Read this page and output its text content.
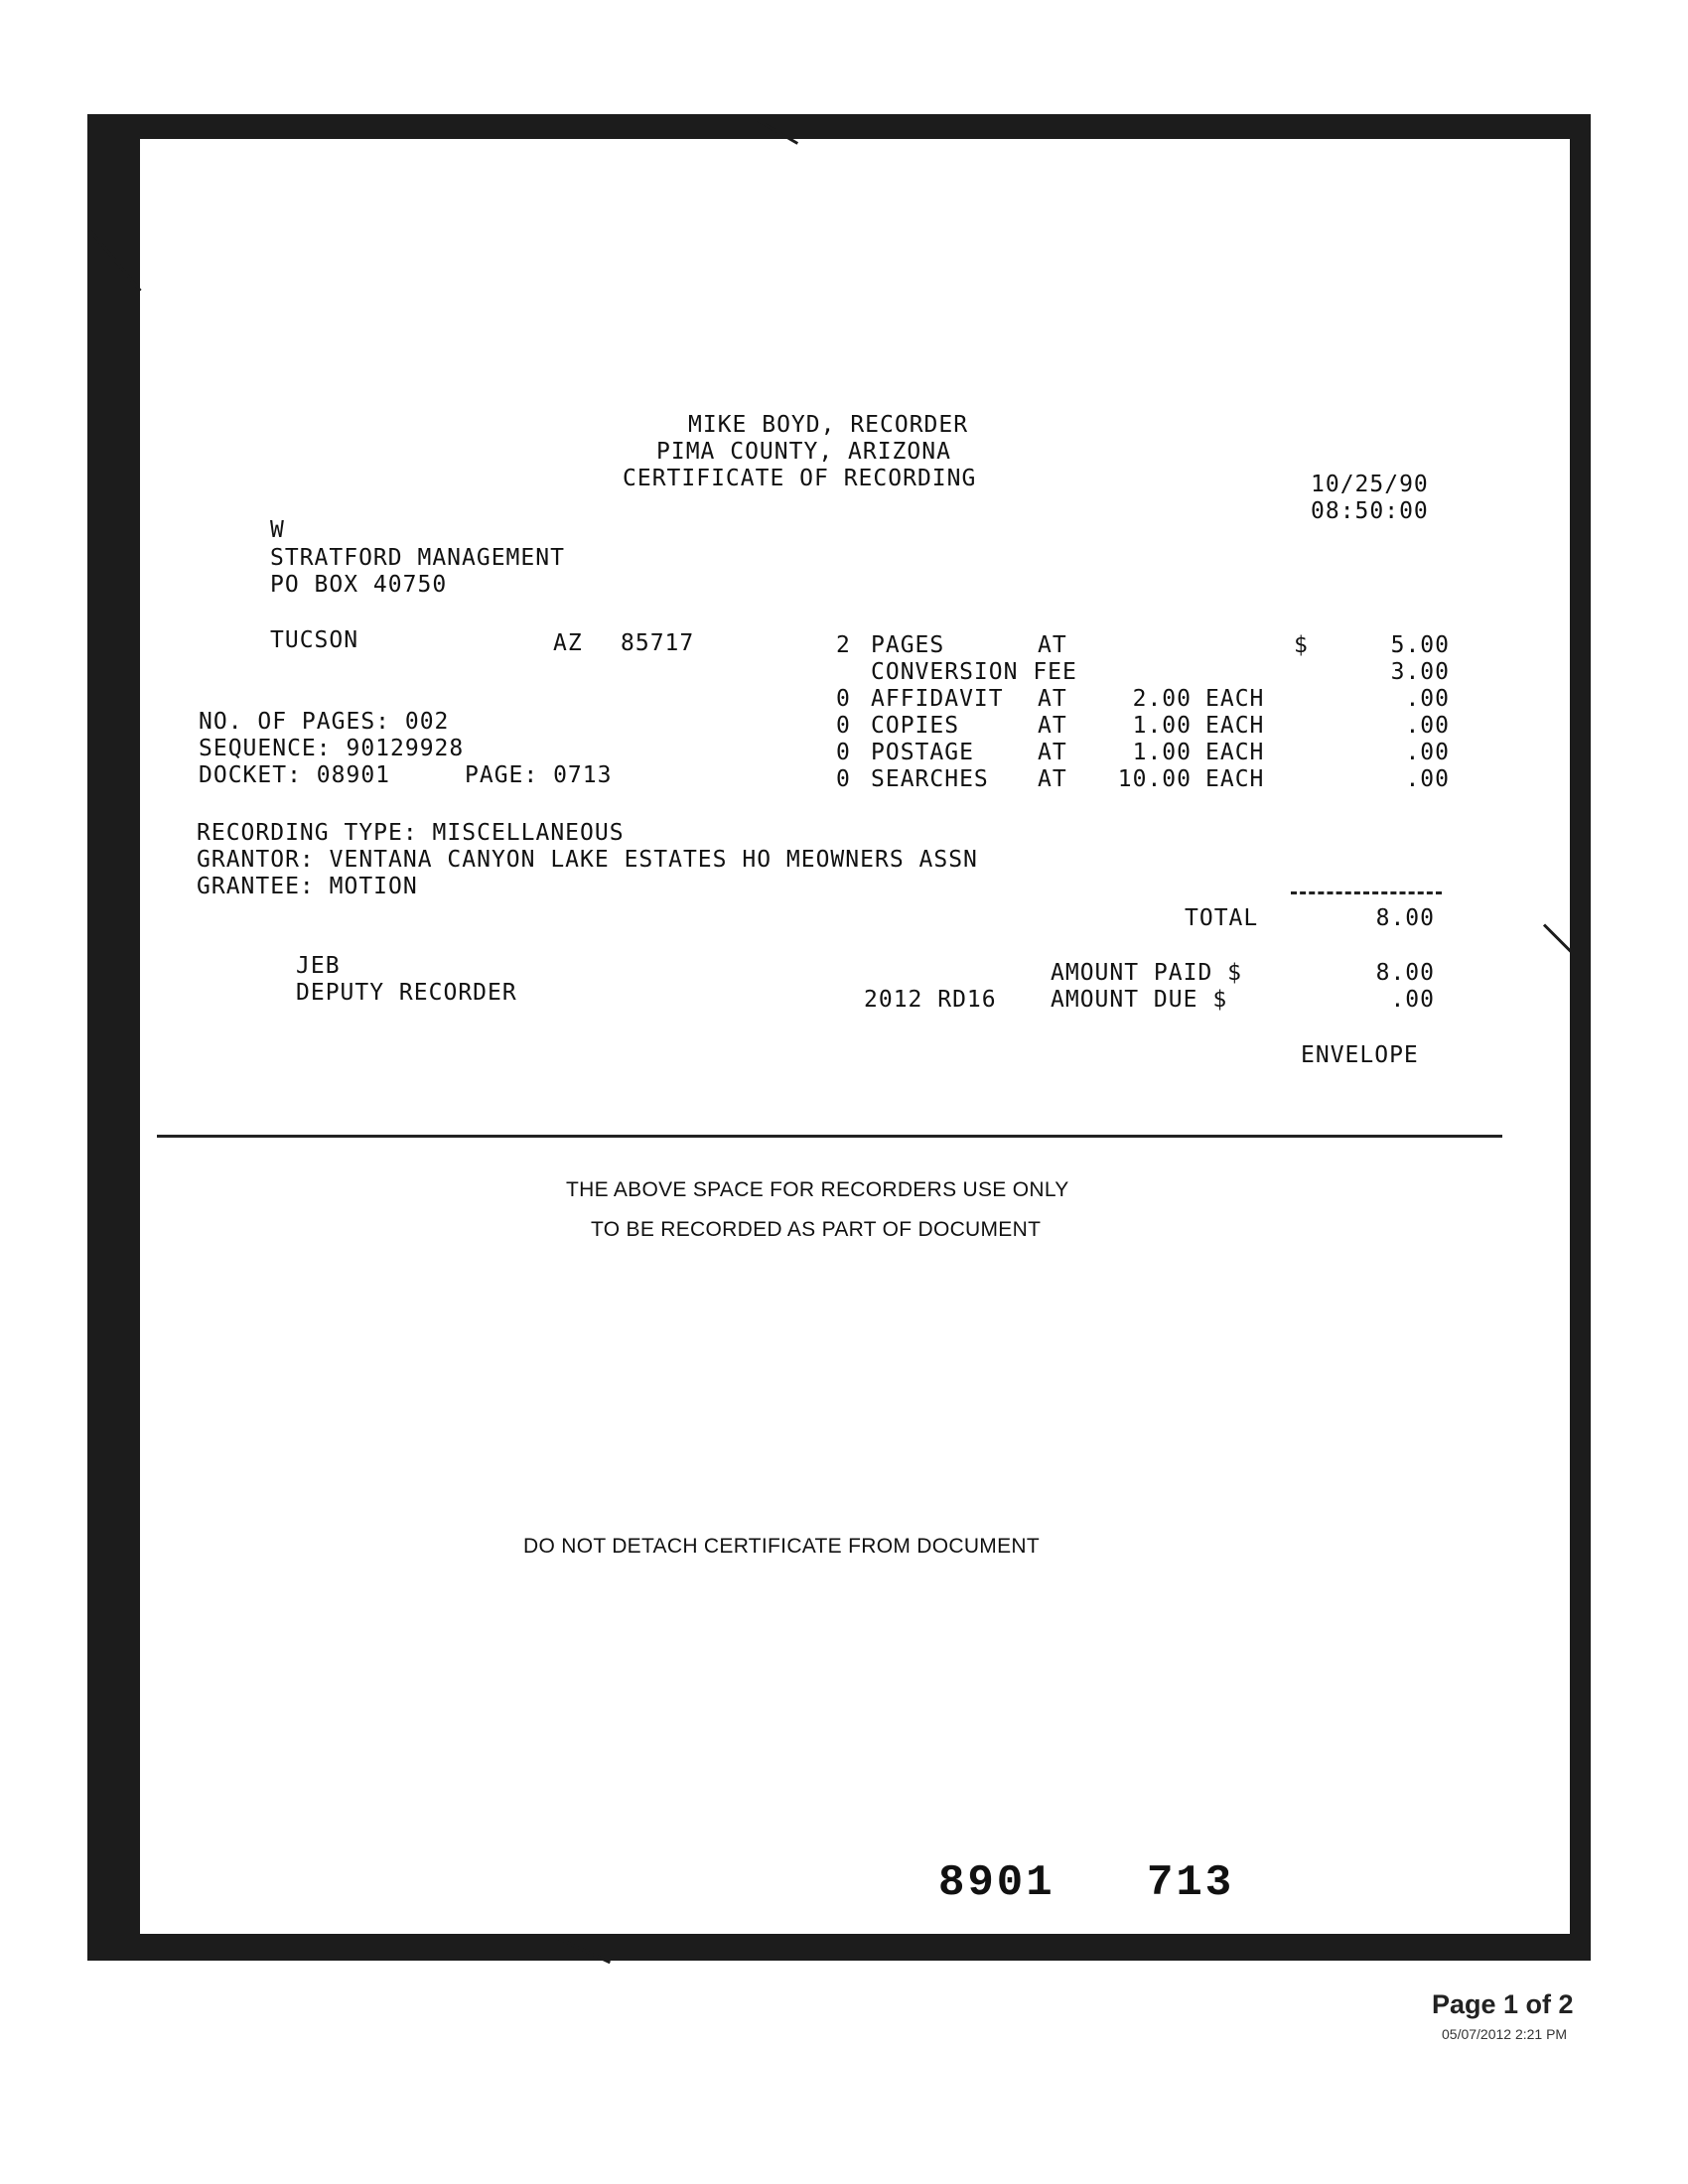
MIKE BOYD, RECORDER
PIMA COUNTY, ARIZONA
CERTIFICATE OF RECORDING	10/25/90
08:50:00
W
STRATFORD MANAGEMENT
PO BOX 40750
TUCSON	AZ 85717	2 PAGES	AT	$	5.00
CONVERSION FEE	3.00
0 AFFIDAVIT AT	2.00 EACH	.00
0 COPIES	AT	1.00 EACH	.00
0 POSTAGE	AT	1.00 EACH	.00
0 SEARCHES AT	10.00 EACH	.00
NO. OF PAGES: 002
SEQUENCE: 90129928
DOCKET: 08901	PAGE: 0713
RECORDING TYPE: MISCELLANEOUS
GRANTOR: VENTANA CANYON LAKE ESTATES HO MEOWNERS ASSN
GRANTEE: MOTION
TOTAL	8.00
JEB
DEPUTY RECORDER
AMOUNT PAID $	8.00
2012 RD16 AMOUNT DUE $	.00
ENVELOPE
THE ABOVE SPACE FOR RECORDERS USE ONLY
TO BE RECORDED AS PART OF DOCUMENT
DO NOT DETACH CERTIFICATE FROM DOCUMENT
8901 713
Page 1 of 2
05/07/2012 2:21 PM
